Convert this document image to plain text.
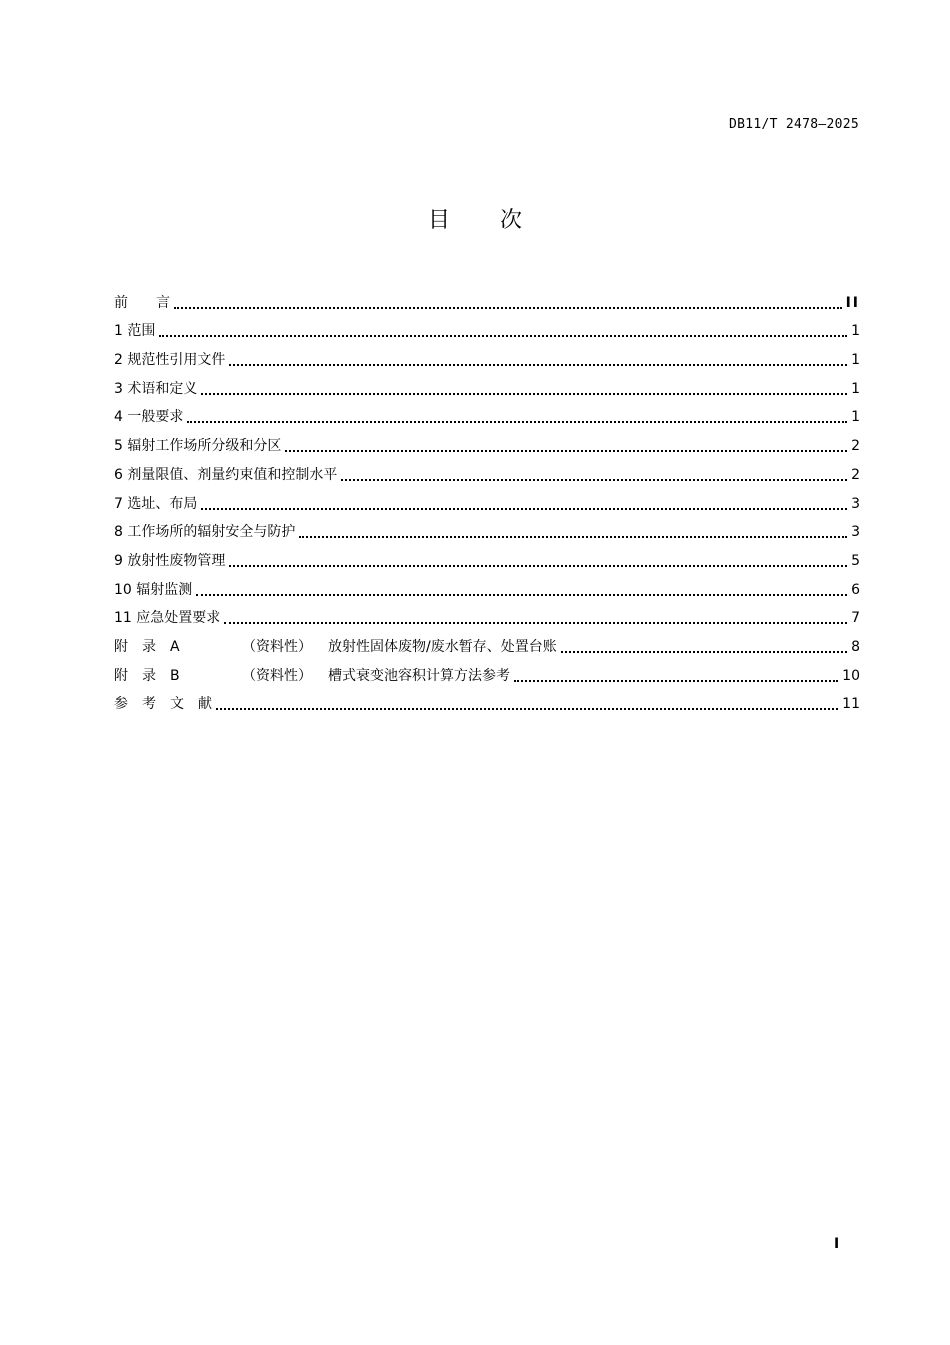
DB11/T 2478—2025
目次
前　　言	II
1 范围	1
2 规范性引用文件	1
3 术语和定义	1
4 一般要求	1
5 辐射工作场所分级和分区	2
6 剂量限值、剂量约束值和控制水平	2
7 选址、布局	3
8 工作场所的辐射安全与防护	3
9 放射性废物管理	5
10 辐射监测	6
11 应急处置要求	7
附　录　A	（资料性）	放射性固体废物/废水暂存、处置台账	8
附　录　B	（资料性）	槽式衰变池容积计算方法参考	10
参　考　文　献	11
I
